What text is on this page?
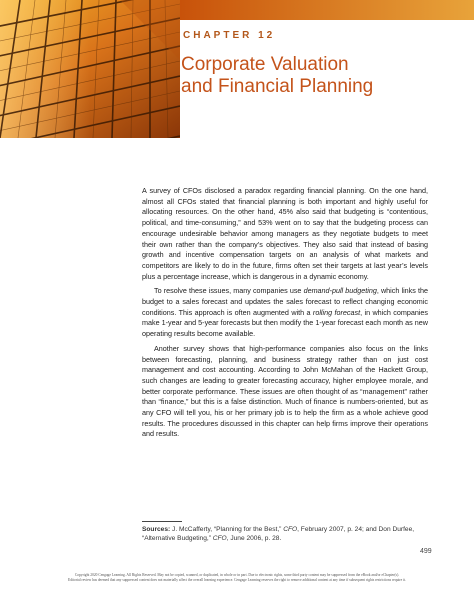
CHAPTER 12
Corporate Valuation
and Financial Planning

A survey of CFOs disclosed a paradox regarding financial planning. On the one hand, almost all CFOs stated that financial planning is both important and highly useful for allocating resources. On the other hand, 45% also said that budgeting is “contentious, political, and time-consuming,” and 53% went on to say that the budgeting process can encourage undesirable behavior among managers as they negotiate budgets to meet their own rather than the company’s objectives. They also said that instead of basing growth and incentive compensation targets on an analysis of what markets and competitors are likely to do in the future, firms often set their targets at last year’s levels plus a percentage increase, which is dangerous in a dynamic economy.

To resolve these issues, many companies use demand-pull budgeting, which links the budget to a sales forecast and updates the sales forecast to reflect changing economic conditions. This approach is often augmented with a rolling forecast, in which companies make 1-year and 5-year forecasts but then modify the 1-year forecast each month as new operating results become available.

Another survey shows that high-performance companies also focus on the links between forecasting, planning, and business strategy rather than on just cost management and cost accounting. According to John McMahan of the Hackett Group, such changes are leading to greater forecasting accuracy, higher employee morale, and better corporate performance. These issues are often thought of as “management” rather than “finance,” but this is a false distinction. Much of finance is numbers-oriented, but as any CFO will tell you, his or her primary job is to help the firm as a whole achieve good results. The procedures discussed in this chapter can help firms improve their operations and results.

Sources: J. McCafferty, “Planning for the Best,” CFO, February 2007, p. 24; and Don Durfee, “Alternative Budgeting,” CFO, June 2006, p. 28.
499
Copyright 2020 Cengage Learning. All Rights Reserved. May not be copied, scanned, or duplicated, in whole or in part. Due to electronic rights, some third party content may be suppressed from the eBook and/or eChapter(s).
Editorial review has deemed that any suppressed content does not materially affect the overall learning experience. Cengage Learning reserves the right to remove additional content at any time if subsequent rights restrictions require it.
